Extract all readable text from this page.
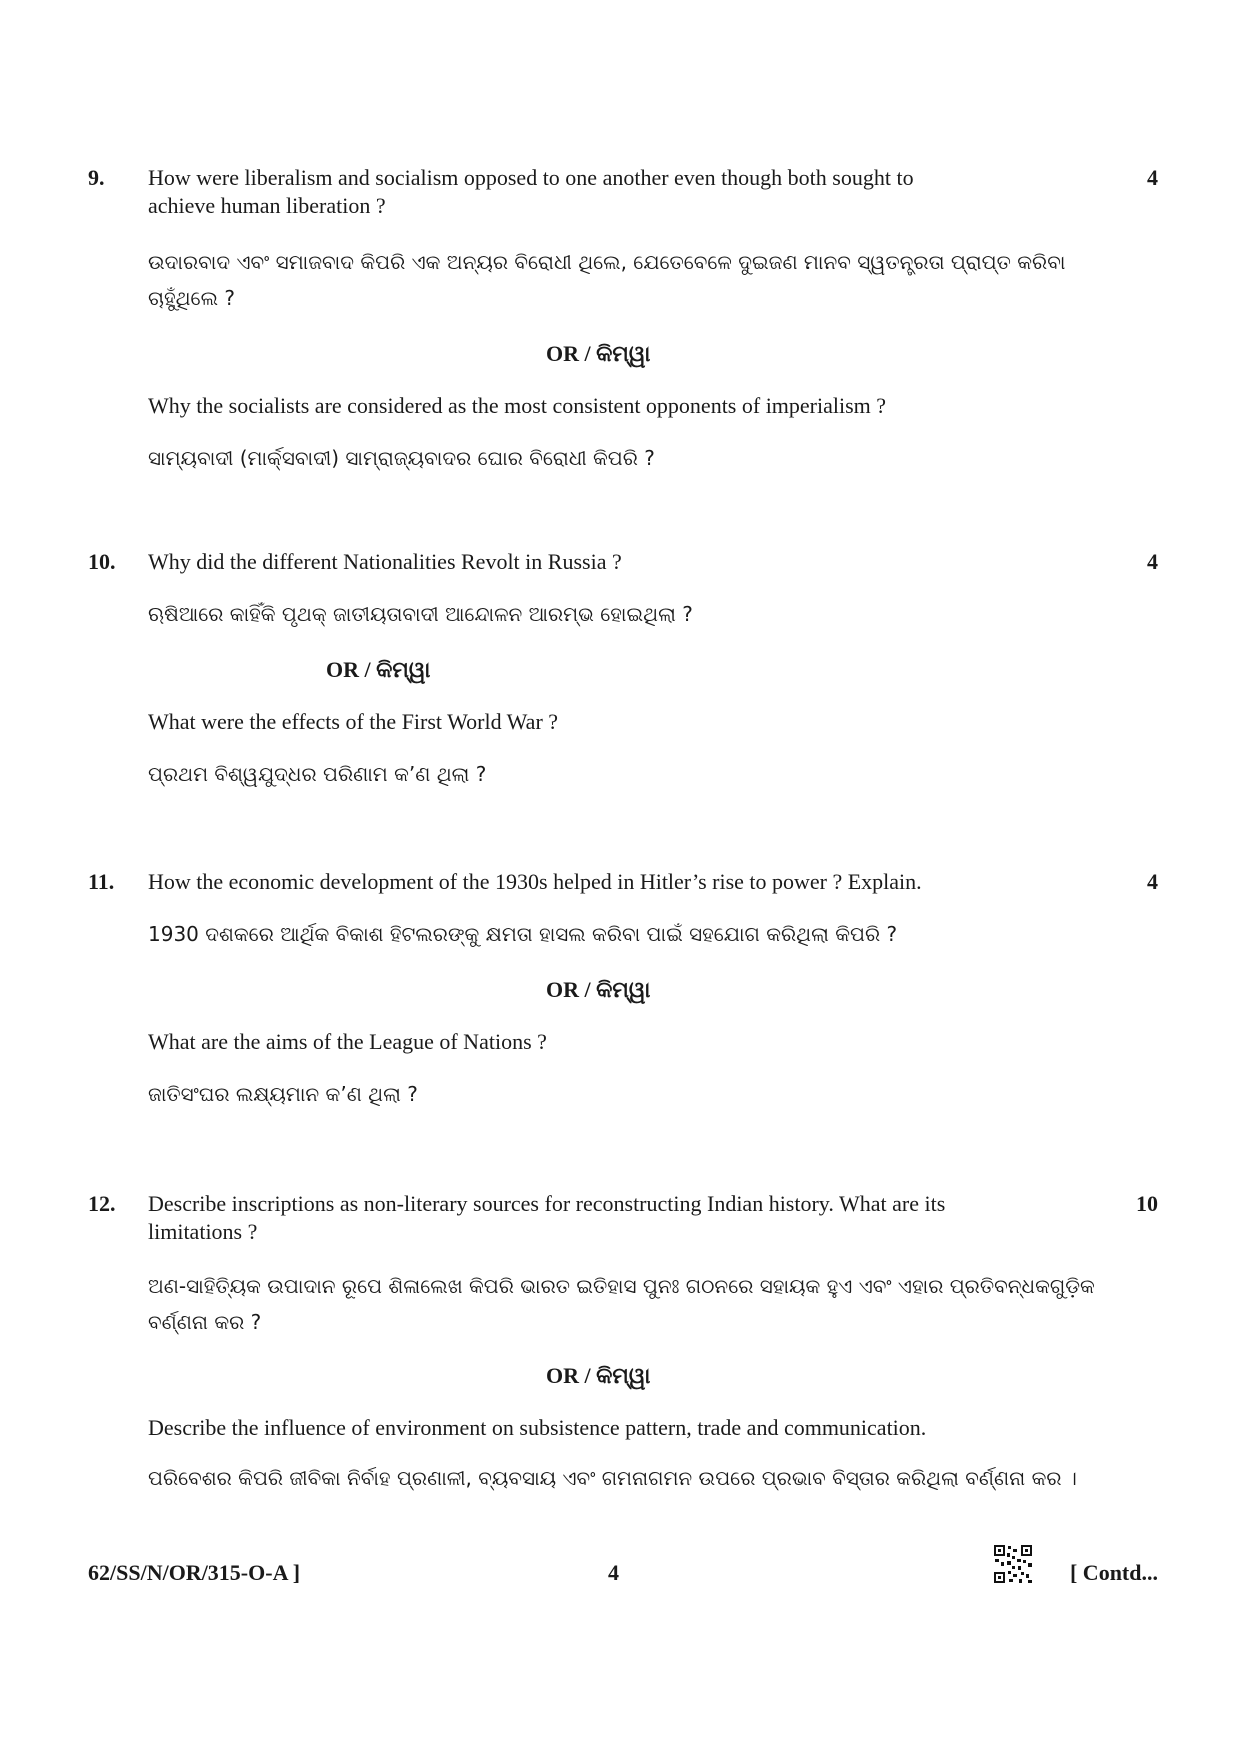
9.	4
How were liberalism and socialism opposed to one another even though both sought to
achieve human liberation ?
ଉଦାରବାଦ ଏବଂ ସମାଜବାଦ କିପରି ଏକ ଅନ୍ୟର ବିରୋଧୀ ଥିଲେ, ଯେତେବେଳେ ଦୁଇଜଣ ମାନବ ସ୍ୱତନ୍ତ୍ରତା ପ୍ରାପ୍ତ କରିବା
ଚାହୁଁଥିଲେ ?
OR / କିମ୍ୱା
Why the socialists are considered as the most consistent opponents of imperialism ?
ସାମ୍ୟବାଦୀ (ମାର୍କ୍ସବାଦୀ) ସାମ୍ରାଜ୍ୟବାଦର ଘୋର ବିରୋଧୀ କିପରି ?
10.	4
Why did the different Nationalities Revolt in Russia ?
ଋଷିଆରେ କାହିଁକି ପୃଥକ୍ ଜାତୀୟତାବାଦୀ ଆନ୍ଦୋଳନ ଆରମ୍ଭ ହୋଇଥିଲା ?
OR / କିମ୍ୱା
What were the effects of the First World War ?
ପ୍ରଥମ ବିଶ୍ୱଯୁଦ୍ଧର ପରିଣାମ କ’ଣ ଥିଲା ?
11.	4
How the economic development of the 1930s helped in Hitler’s rise to power ? Explain.
1930 ଦଶକରେ ଆର୍ଥିକ ବିକାଶ ହିଟଲରଙ୍କୁ କ୍ଷମତା ହାସଲ କରିବା ପାଇଁ ସହଯୋଗ କରିଥିଲା କିପରି ?
OR / କିମ୍ୱା
What are the aims of the League of Nations ?
ଜାତିସଂଘର ଲକ୍ଷ୍ୟମାନ କ’ଣ ଥିଲା ?
12.	10
Describe inscriptions as non-literary sources for reconstructing Indian history. What are its
limitations ?
ଅଣ-ସାହିତ୍ୟିକ ଉପାଦାନ ରୂପେ ଶିଳାଲେଖ କିପରି ଭାରତ ଇତିହାସ ପୁନଃ ଗଠନରେ ସହାୟକ ହୁଏ ଏବଂ ଏହାର ପ୍ରତିବନ୍ଧକଗୁଡ଼ିକ
ବର୍ଣ୍ଣନା କର ?
OR / କିମ୍ୱା
Describe the influence of environment on subsistence pattern, trade and communication.
ପରିବେଶର କିପରି ଜୀବିକା ନିର୍ବାହ ପ୍ରଣାଳୀ, ବ୍ୟବସାୟ ଏବଂ ଗମନାଗମନ ଉପରେ ପ୍ରଭାବ ବିସ୍ତାର କରିଥିଲା ବର୍ଣ୍ଣନା କର ।
62/SS/N/OR/315-O-A ]	4	[ Contd...
